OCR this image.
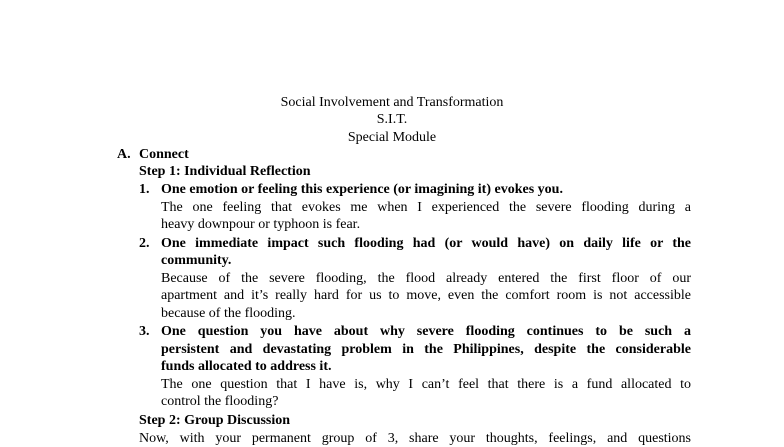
Social Involvement and Transformation
S.I.T.
Special Module
A. Connect
Step 1: Individual Reflection
1. One emotion or feeling this experience (or imagining it) evokes you.
The one feeling that evokes me when I experienced the severe flooding during a
heavy downpour or typhoon is fear.
2. One immediate impact such flooding had (or would have) on daily life or the
community.
Because of the severe flooding, the flood already entered the first floor of our
apartment and it’s really hard for us to move, even the comfort room is not accessible
because of the flooding.
3. One question you have about why severe flooding continues to be such a
persistent and devastating problem in the Philippines, despite the considerable
funds allocated to address it.
The one question that I have is, why I can’t feel that there is a fund allocated to
control the flooding?
Step 2: Group Discussion
Now, with your permanent group of 3, share your thoughts, feelings, and questions
